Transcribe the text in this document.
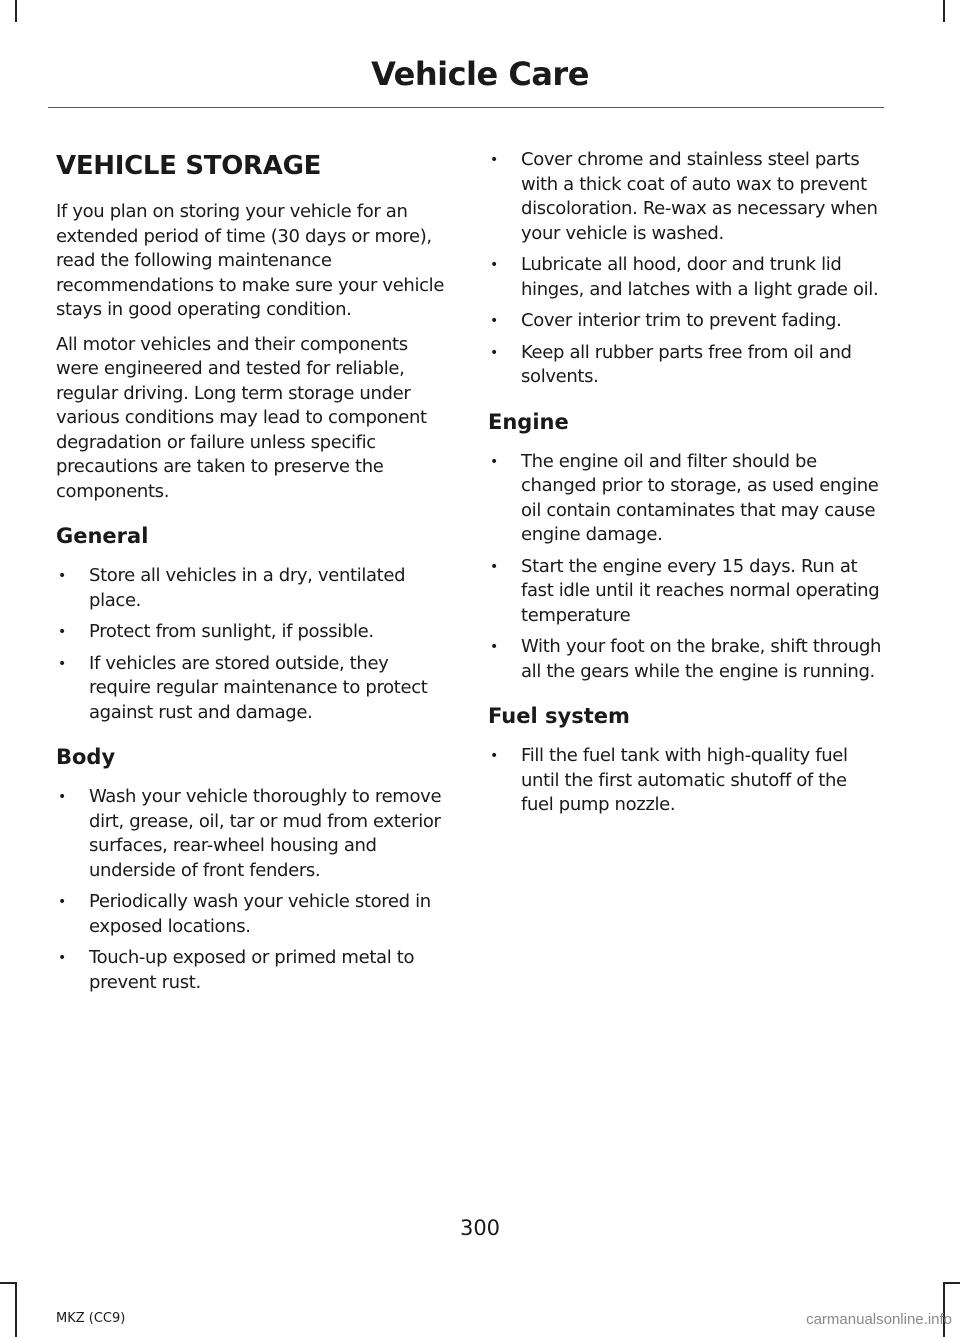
Vehicle Care
VEHICLE STORAGE

If you plan on storing your vehicle for an extended period of time (30 days or more), read the following maintenance recommendations to make sure your vehicle stays in good operating condition.

All motor vehicles and their components were engineered and tested for reliable, regular driving. Long term storage under various conditions may lead to component degradation or failure unless specific precautions are taken to preserve the components.

General
• Store all vehicles in a dry, ventilated place.
• Protect from sunlight, if possible.
• If vehicles are stored outside, they require regular maintenance to protect against rust and damage.
Body
• Wash your vehicle thoroughly to remove dirt, grease, oil, tar or mud from exterior surfaces, rear-wheel housing and underside of front fenders.
• Periodically wash your vehicle stored in exposed locations.
• Touch-up exposed or primed metal to prevent rust.
• Cover chrome and stainless steel parts with a thick coat of auto wax to prevent discoloration. Re-wax as necessary when your vehicle is washed.
• Lubricate all hood, door and trunk lid hinges, and latches with a light grade oil.
• Cover interior trim to prevent fading.
• Keep all rubber parts free from oil and solvents.
Engine
• The engine oil and filter should be changed prior to storage, as used engine oil contain contaminates that may cause engine damage.
• Start the engine every 15 days. Run at fast idle until it reaches normal operating temperature
• With your foot on the brake, shift through all the gears while the engine is running.
Fuel system
• Fill the fuel tank with high-quality fuel until the first automatic shutoff of the fuel pump nozzle.
300
MKZ (CC9)	carmanualsonline.info
